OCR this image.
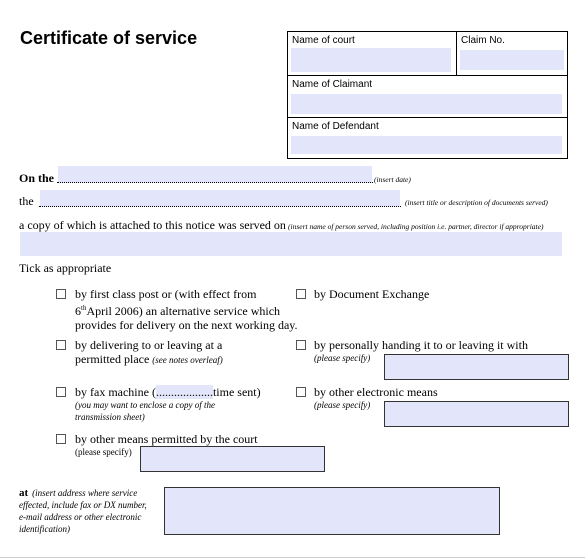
Certificate of service	Name of court	Claim No.
Name of Claimant
Name of Defendant
On the	(insert date)
the	(insert title or description of documents served)
a copy of which is attached to this notice was served on (insert name of person served, including position i.e. partner, director if appropriate)
Tick as appropriate
by first class post or (with effect from
6thApril 2006) an alternative service which
provides for delivery on the next working day.
by Document Exchange
by delivering to or leaving at a
permitted place (see notes overleaf)
by personally handing it to or leaving it with
(please specify)
by fax machine (...................time sent)
(you may want to enclose a copy of the
transmission sheet)
by other electronic means
(please specify)
by other means permitted by the court
(please specify)
at (insert address where service
effected, include fax or DX number,
e-mail address or other electronic
identification)
